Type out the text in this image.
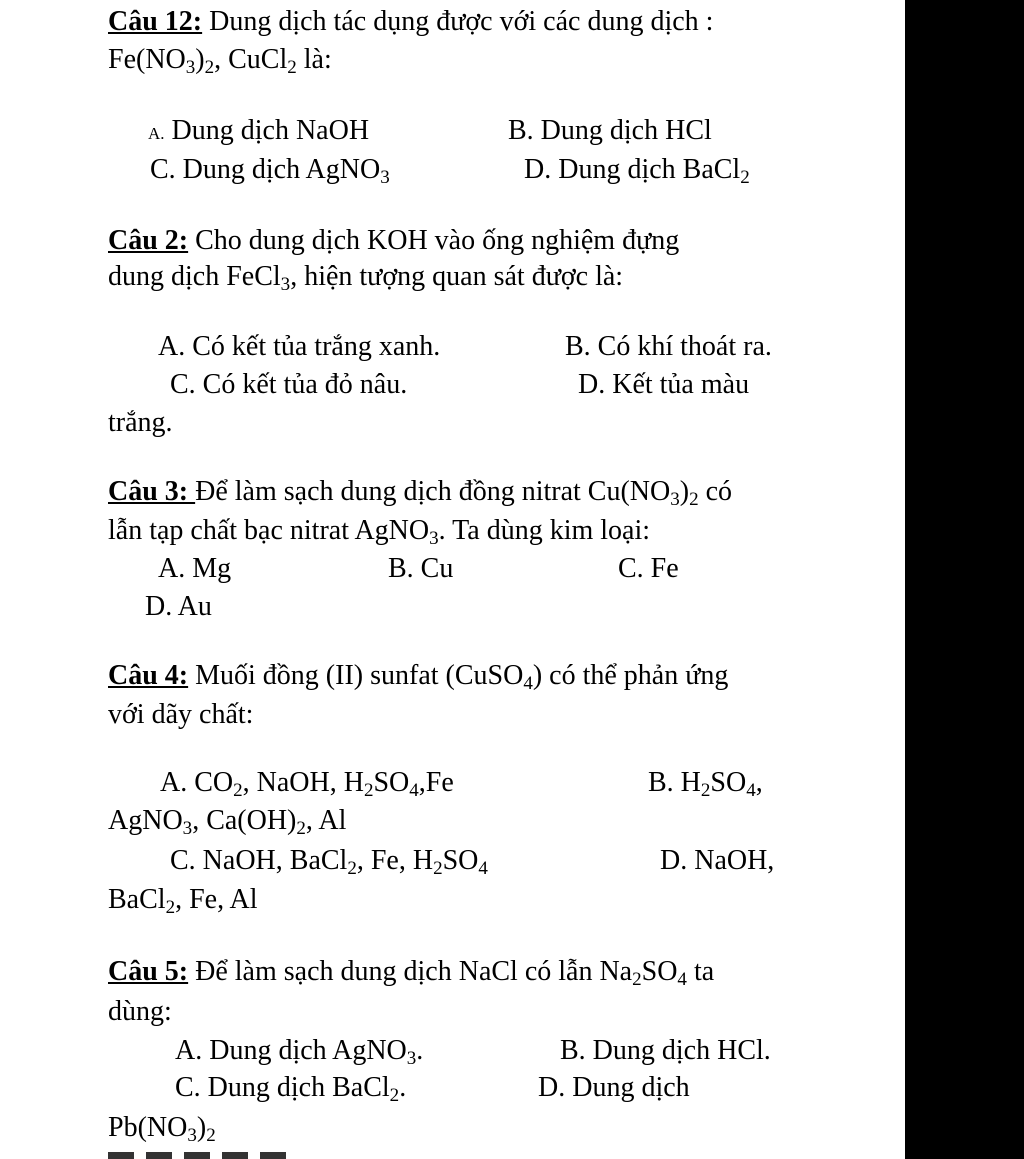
Câu 12: Dung dịch tác dụng được với các dung dịch :
$Fe(NO_3)_2$, CuCl$_2$ là:
A. Dung dịch NaOH	B. Dung dịch HCl
C. Dung dịch AgNO$_3$	D. Dung dịch BaCl$_2$
Câu 2: Cho dung dịch KOH vào ống nghiệm đựng
dung dịch FeCl$_3$, hiện tượng quan sát được là:
A. Có kết tủa trắng xanh.	B. Có khí thoát ra.
C. Có kết tủa đỏ nâu.	D. Kết tủa màu
trắng.
Câu 3: Để làm sạch dung dịch đồng nitrat $Cu(NO_3)_2$ có
lẫn tạp chất bạc nitrat AgNO$_3$. Ta dùng kim loại:
A. Mg	B. Cu	C. Fe
D. Au
Câu 4: Muối đồng (II) sunfat (CuSO$_4$) có thể phản ứng
với dãy chất:
A. $CO_2$, NaOH, $H_2SO_4,Fe$	B. $H_2SO_4$,
AgNO$_3$, $Ca(OH)_2$, Al
C. NaOH, BaCl$_2$, Fe, $H_2SO_4$	D. NaOH,
BaCl$_2$, Fe, Al
Câu 5: Để làm sạch dung dịch NaCl có lẫn $Na_2SO_4$ ta
dùng:
A. Dung dịch AgNO$_3$.	B. Dung dịch HCl.
C. Dung dịch BaCl$_2$.	D. Dung dịch
$Pb(NO_3)_2$
